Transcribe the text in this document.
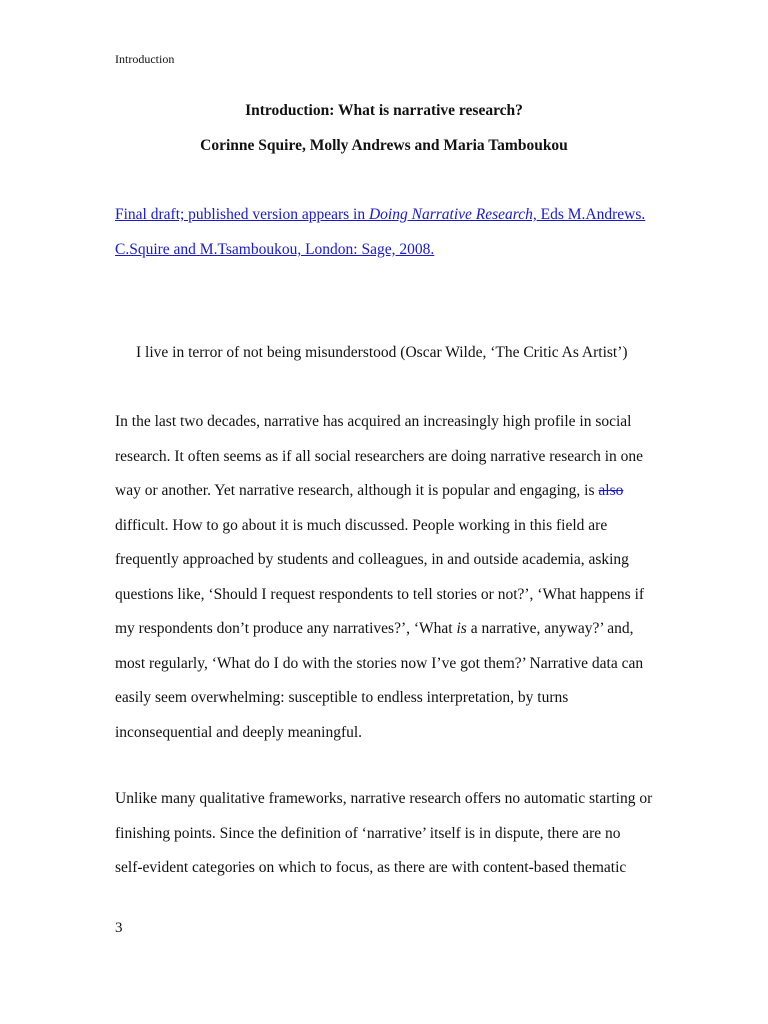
Introduction
Introduction: What is narrative research?
Corinne Squire, Molly Andrews and Maria Tamboukou
Final draft; published version appears in Doing Narrative Research, Eds M.Andrews.
C.Squire and M.Tsamboukou, London: Sage, 2008.
I live in terror of not being misunderstood (Oscar Wilde, ‘The Critic As Artist’)
In the last two decades, narrative has acquired an increasingly high profile in social
research. It often seems as if all social researchers are doing narrative research in one
way or another. Yet narrative research, although it is popular and engaging, is also
difficult. How to go about it is much discussed. People working in this field are
frequently approached by students and colleagues, in and outside academia, asking
questions like, ‘Should I request respondents to tell stories or not?’, ‘What happens if
my respondents don’t produce any narratives?’, ‘What is a narrative, anyway?’ and,
most regularly, ‘What do I do with the stories now I’ve got them?’ Narrative data can
easily seem overwhelming: susceptible to endless interpretation, by turns
inconsequential and deeply meaningful.
Unlike many qualitative frameworks, narrative research offers no automatic starting or
finishing points. Since the definition of ‘narrative’ itself is in dispute, there are no
self-evident categories on which to focus, as there are with content-based thematic
3
